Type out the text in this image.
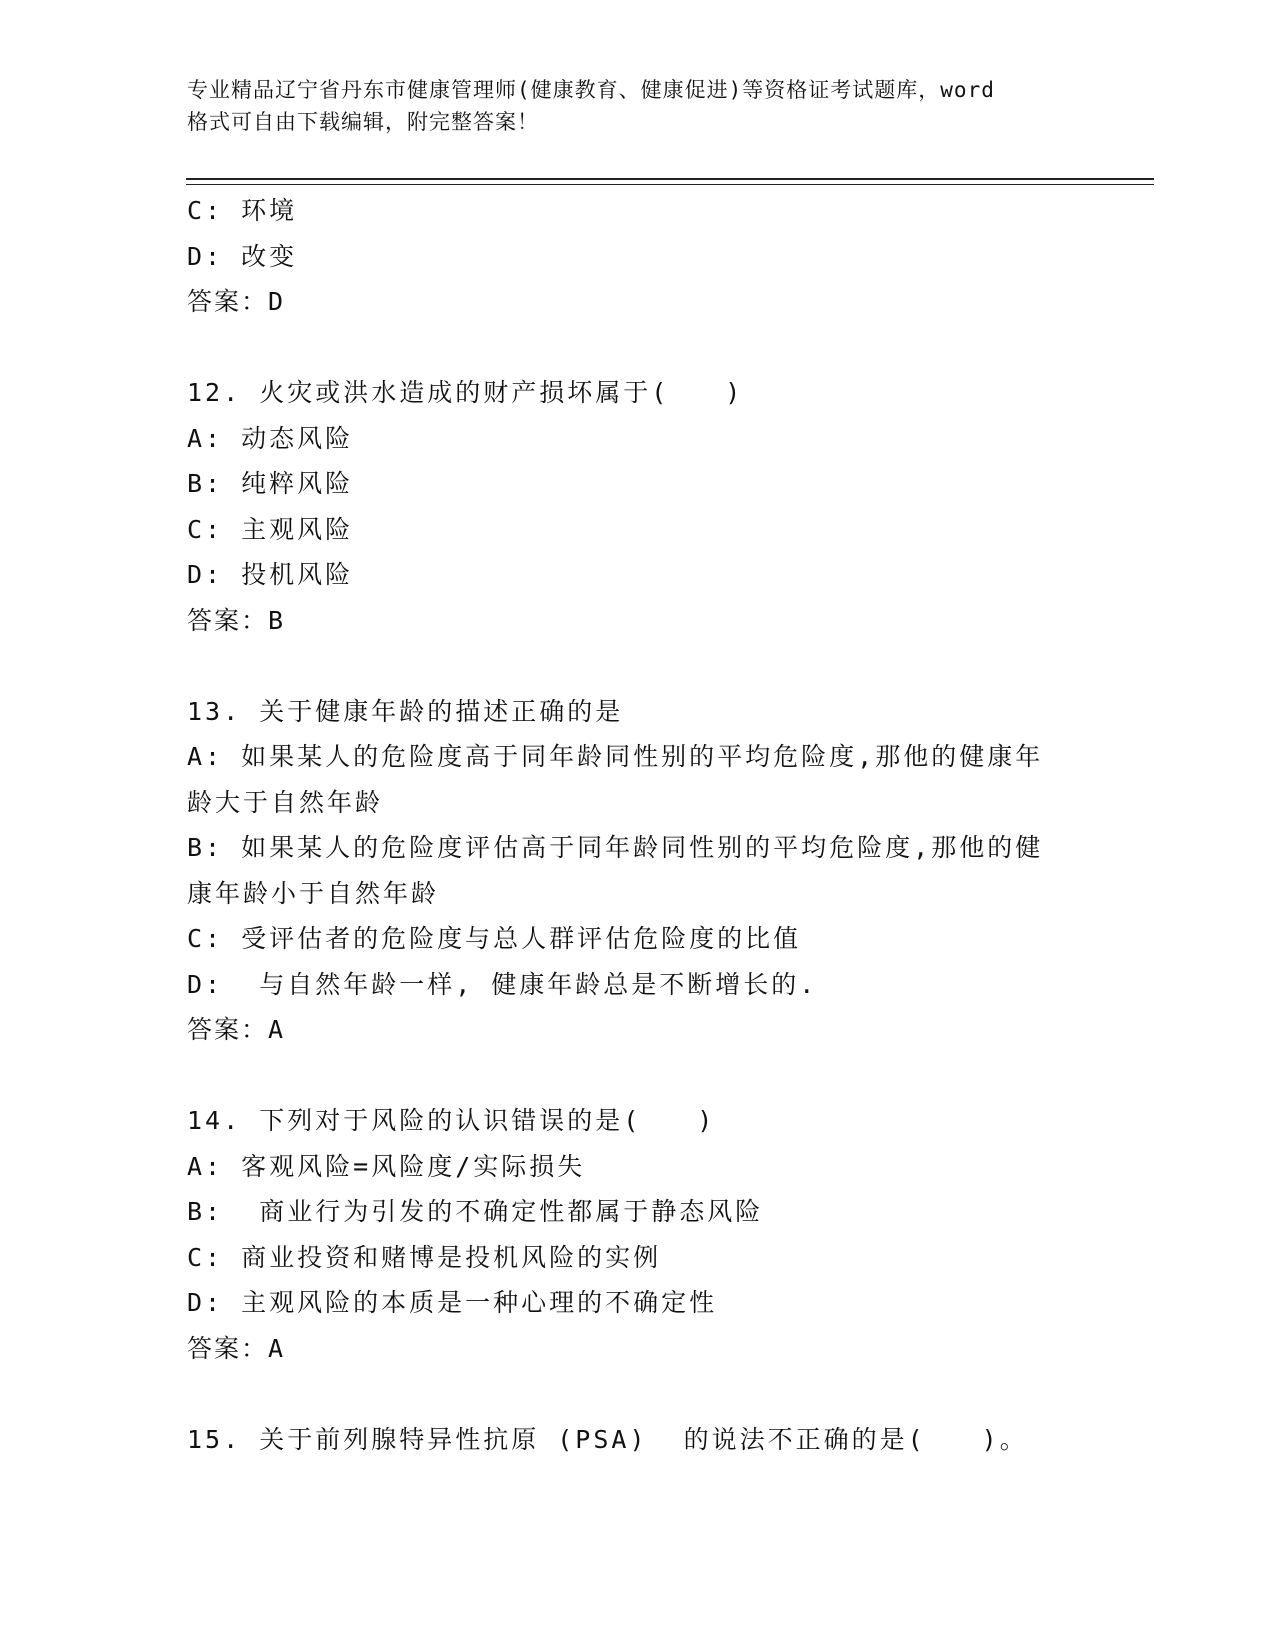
专业精品辽宁省丹东市健康管理师(健康教育、健康促进)等资格证考试题库，word
格式可自由下载编辑，附完整答案！
C: 环境
D: 改变
答案：D
12. 火灾或洪水造成的财产损坏属于(　　)
A: 动态风险
B: 纯粹风险
C: 主观风险
D: 投机风险
答案：B
13. 关于健康年龄的描述正确的是
A: 如果某人的危险度高于同年龄同性别的平均危险度,那他的健康年
龄大于自然年龄
B: 如果某人的危险度评估高于同年龄同性别的平均危险度,那他的健
康年龄小于自然年龄
C: 受评估者的危险度与总人群评估危险度的比值
D:  与自然年龄一样, 健康年龄总是不断增长的.
答案：A
14. 下列对于风险的认识错误的是(　　)
A: 客观风险=风险度/实际损失
B:  商业行为引发的不确定性都属于静态风险
C: 商业投资和赌博是投机风险的实例
D: 主观风险的本质是一种心理的不确定性
答案：A
15. 关于前列腺特异性抗原 (PSA)  的说法不正确的是(　　)。
